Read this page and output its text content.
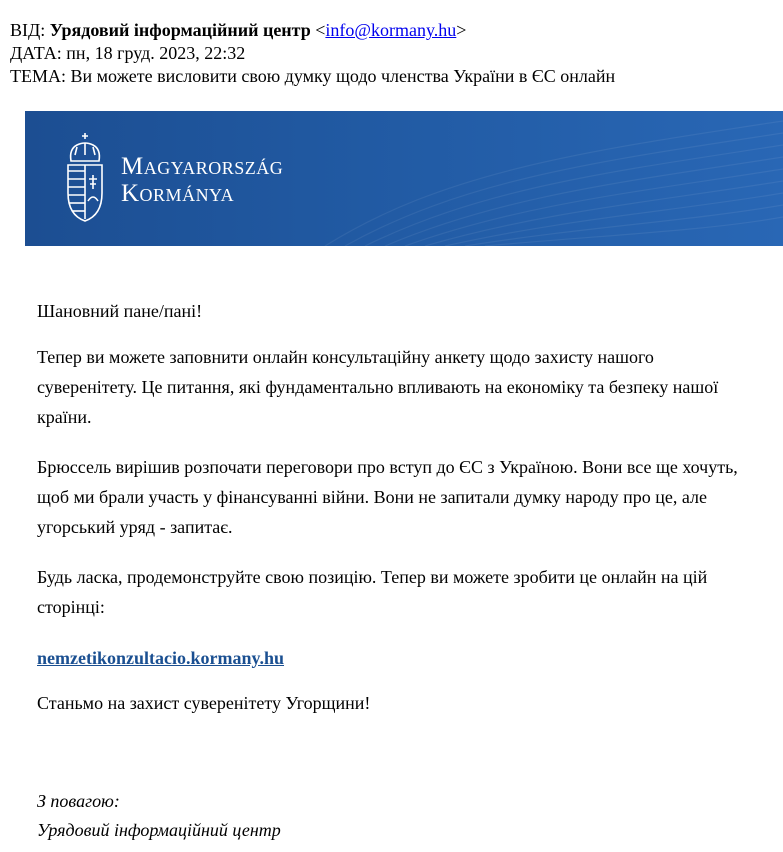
ВІД: Урядовий інформаційний центр <info@kormany.hu>
ДАТА: пн, 18 груд. 2023, 22:32
ТЕМА: Ви можете висловити свою думку щодо членства України в ЄС онлайн
Magyarország
Kormánya
Шановний пане/пані!
Тепер ви можете заповнити онлайн консультаційну анкету щодо захисту нашого суверенітету. Це питання, які фундаментально впливають на економіку та безпеку нашої країни.
Брюссель вирішив розпочати переговори про вступ до ЄС з Україною. Вони все ще хочуть, щоб ми брали участь у фінансуванні війни. Вони не запитали думку народу про це, але угорський уряд - запитає.
Будь ласка, продемонструйте свою позицію. Тепер ви можете зробити це онлайн на цій сторінці:
nemzetikonzultacio.kormany.hu
Станьмо на захист суверенітету Угорщини!
З повагою:
Урядовий інформаційний центр
